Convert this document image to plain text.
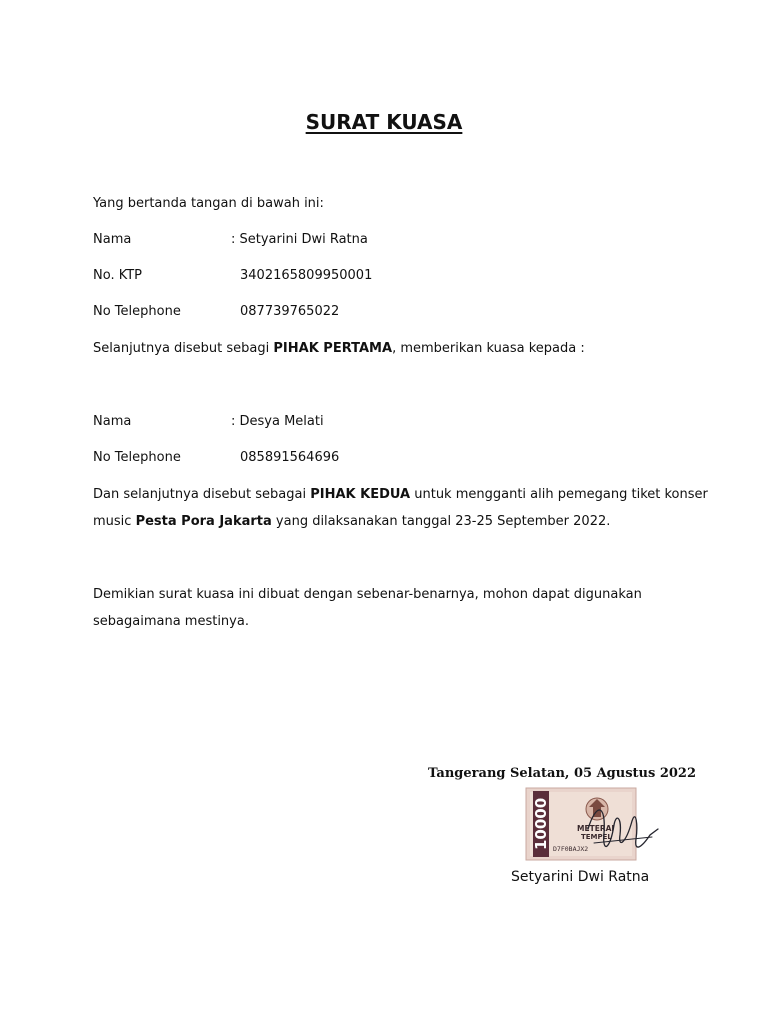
SURAT KUASA
Yang bertanda tangan di bawah ini:
Nama	: Setyarini Dwi Ratna
No. KTP	3402165809950001
No Telephone	087739765022
Selanjutnya disebut sebagi PIHAK PERTAMA, memberikan kuasa kepada :
Nama	: Desya Melati
No Telephone	085891564696
Dan selanjutnya disebut sebagai PIHAK KEDUA untuk mengganti alih pemegang tiket konser
music Pesta Pora Jakarta yang dilaksanakan tanggal 23-25 September 2022.
Demikian surat kuasa ini dibuat dengan sebenar-benarnya, mohon dapat digunakan
sebagaimana mestinya.
Tangerang Selatan, 05 Agustus 2022
10000	METERAI
TEMPEL
D7F0BAJX2
Setyarini Dwi Ratna
